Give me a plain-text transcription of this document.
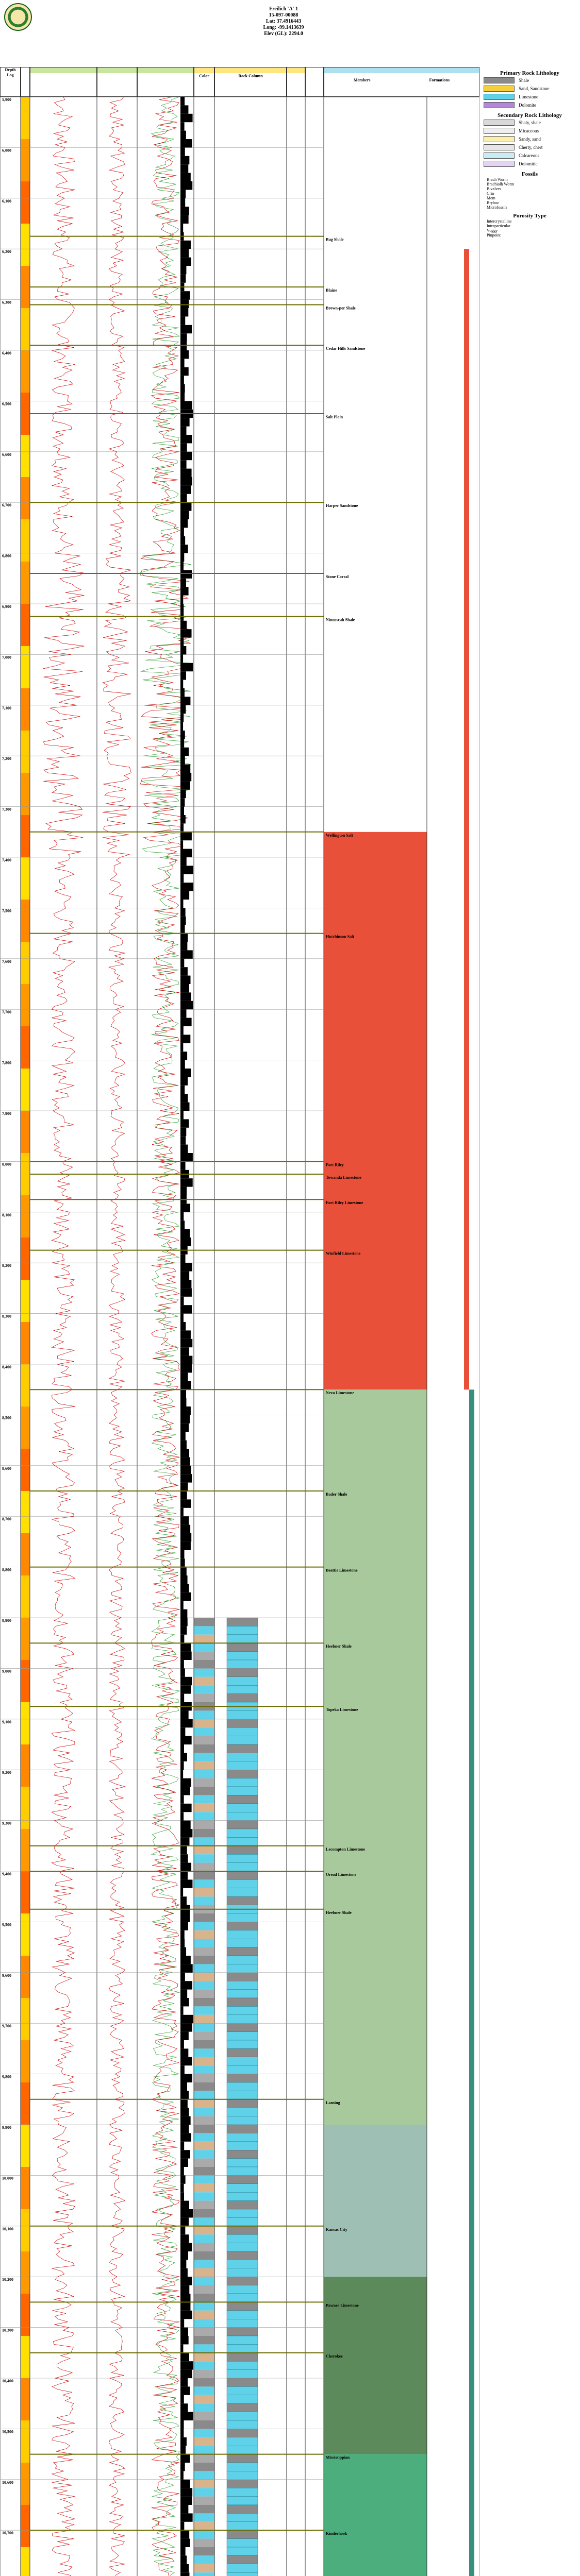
Freilich 'A' 1
15-097-00088
Lat: 37.4916443
Long: -99.1413639
Elev (GL): 2294.0
Depth
Log	Color	Rock Column
Members	Formations
5,900
6,000
6,100
6,200
6,300
6,400
6,500
6,600
6,700
6,800
6,900
7,000
7,100
7,200
7,300
7,400
7,500
7,600
7,700
7,800
7,900
8,000
8,100
8,200
8,300
8,400
8,500
8,600
8,700
8,800
8,900
9,000
9,100
9,200
9,300
9,400
9,500
9,600
9,700
9,800
9,900
10,000
10,100
10,200
10,300
10,400
10,500
10,600
10,700
Bug Shale
Blaine
Brown-per Shale
Cedar Hills Sandstone
Salt Plain
Harper Sandstone
Stone Corral
Ninnescah Shale
Wellington Salt
Hutchinson Salt
Fort Riley
Towanda Limestone
Fort Riley Limestone
Winfield Limestone
Neva Limestone
Bader Shale
Beattie Limestone
Heebner Shale
Topeka Limestone
Lecompton Limestone
Oread Limestone
Heebner Shale
Lansing
Kansas City
Pawnee Limestone
Cherokee
Mississippian
Kinderhook
Primary Rock Lithology
Shale
Sand, Sandstone
Limestone
Dolomite
Secondary Rock Lithology
Shaly, shale
Micaceous
Sandy, sand
Cherty, chert
Calcareous
Dolomitic
Fossils
Brach Worm
Brachiolh Worm
Bivalves
Crin
Mem
Bryboz
Microfossils
Porosity Type
Intercrystalline
Intraparticular
Vuggy
Pinpoint
